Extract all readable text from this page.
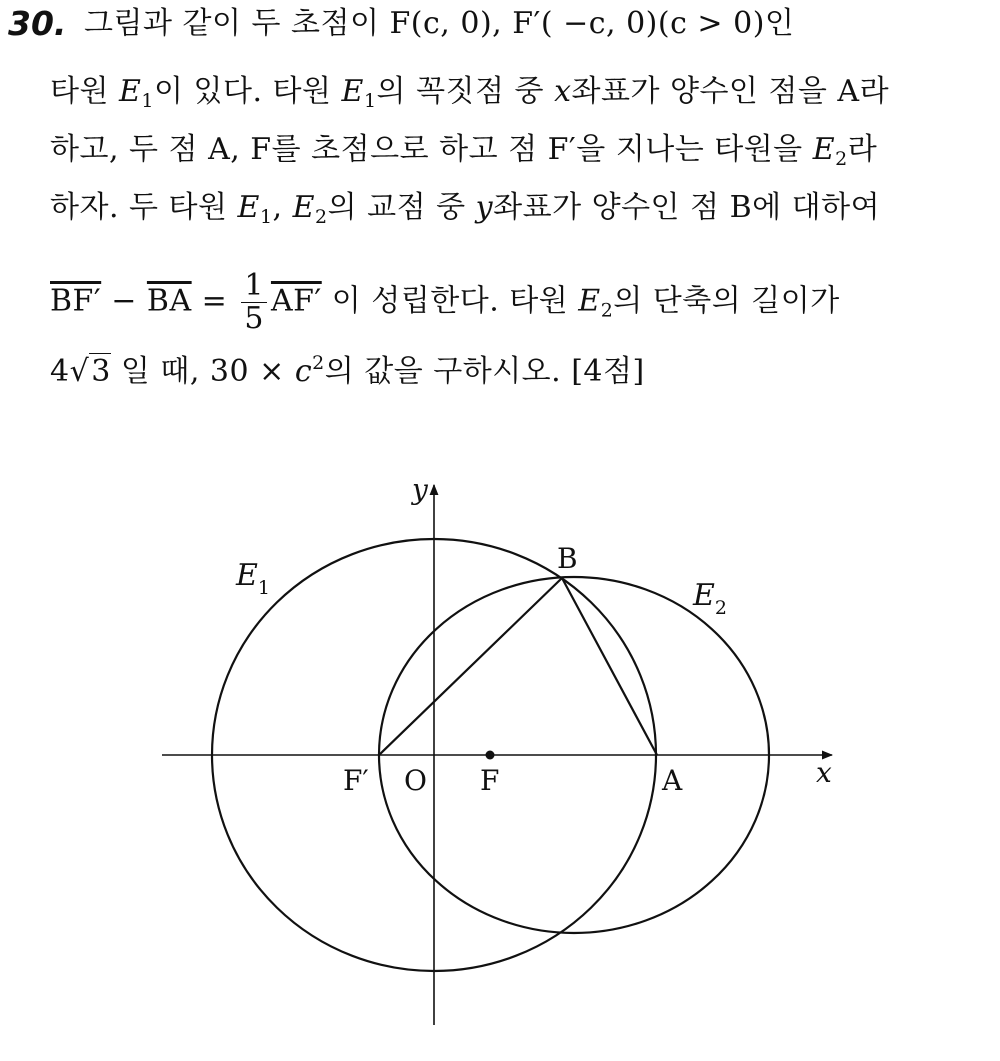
30. 그림과 같이 두 초점이 F(c, 0), F′( −c, 0)(c > 0)인
타원 $E_1$이 있다. 타원 $E_1$의 꼭짓점 중 x좌표가 양수인 점을 A라
하고, 두 점 A, F를 초점으로 하고 점 F′을 지나는 타원을 $E_2$라
하자. 두 타원 $E_1$, $E_2$의 교점 중 y좌표가 양수인 점 B에 대하여
$BF' - \overline{BA} = \frac{1}{5} AF'$ 이 성립한다. 타원 $E_2$의 단축의 길이가
4√3 일 때, $30 \times c^2$의 값을 구하시오. [4점]
y
x
O F
F′	A
B
$E_1$	$E_2$
